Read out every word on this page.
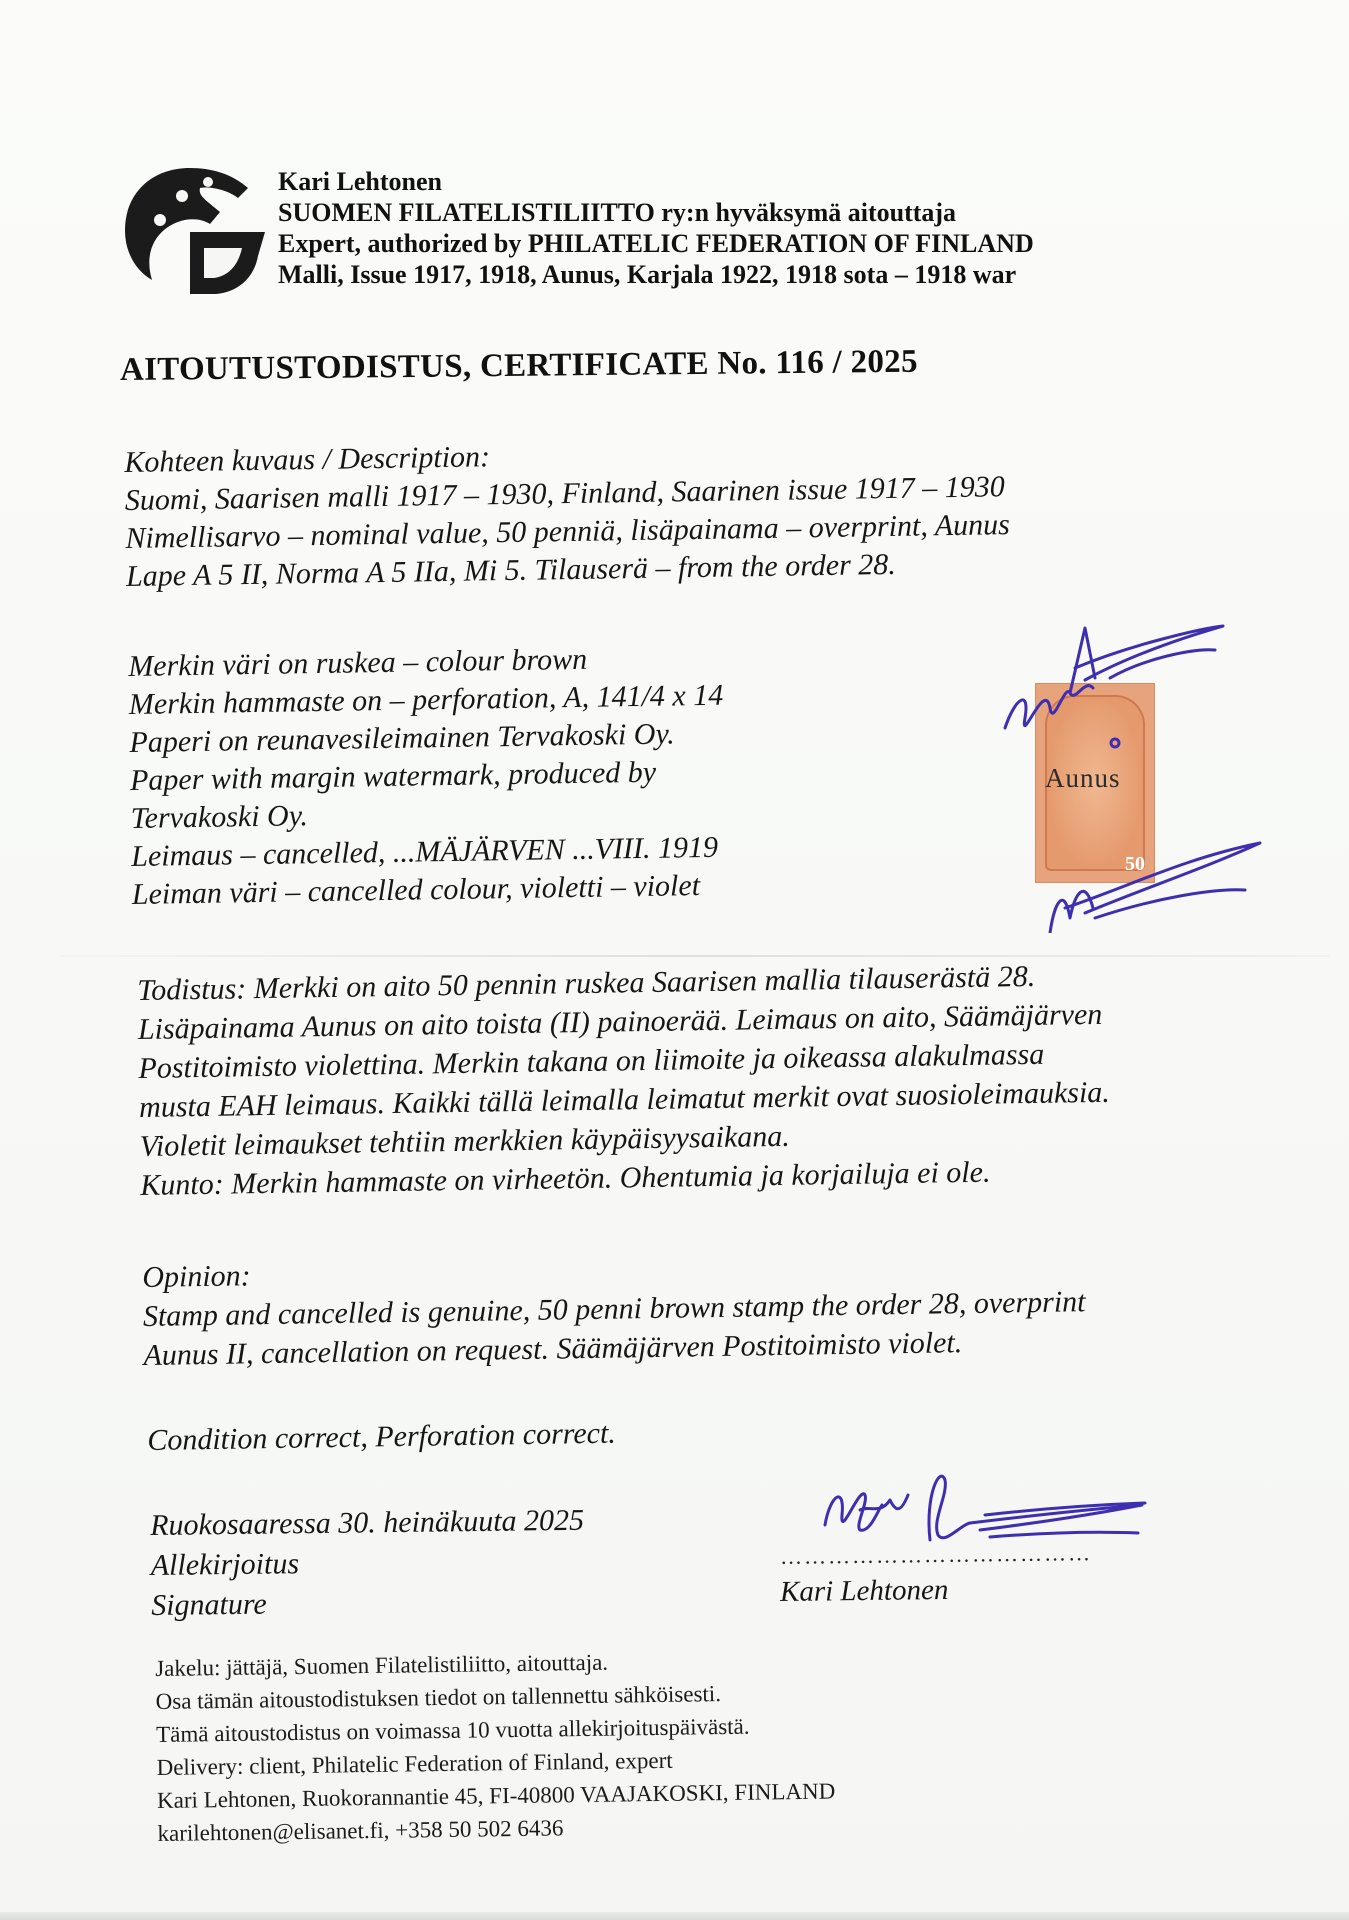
Kari Lehtonen
SUOMEN FILATELISTILIITTO ry:n hyväksymä aitouttaja
Expert, authorized by PHILATELIC FEDERATION OF FINLAND
Malli, Issue 1917, 1918, Aunus, Karjala 1922, 1918 sota – 1918 war
AITOUTUSTODISTUS, CERTIFICATE No. 116 / 2025
Kohteen kuvaus / Description:
Suomi, Saarisen malli 1917 – 1930, Finland, Saarinen issue 1917 – 1930
Nimellisarvo – nominal value, 50 penniä, lisäpainama – overprint, Aunus
Lape A 5 II, Norma A 5 IIa, Mi 5. Tilauserä – from the order 28.
Merkin väri on ruskea – colour brown
Merkin hammaste on – perforation, A, 141/4 x 14
Paperi on reunavesileimainen Tervakoski Oy.
Paper with margin watermark, produced by
Tervakoski Oy.
Leimaus – cancelled, ...MÄJÄRVEN ...VIII. 1919
Leiman väri – cancelled colour, violetti – violet
Aunus
50
Todistus: Merkki on aito 50 pennin ruskea Saarisen mallia tilauserästä 28.
Lisäpainama Aunus on aito toista (II) painoerää. Leimaus on aito, Säämäjärven
Postitoimisto violettina. Merkin takana on liimoite ja oikeassa alakulmassa
musta EAH leimaus. Kaikki tällä leimalla leimatut merkit ovat suosioleimauksia.
Violetit leimaukset tehtiin merkkien käypäisyysaikana.
Kunto: Merkin hammaste on virheetön. Ohentumia ja korjailuja ei ole.
Opinion:
Stamp and cancelled is genuine, 50 penni brown stamp the order 28, overprint
Aunus II, cancellation on request. Säämäjärven Postitoimisto violet.
Condition correct, Perforation correct.
Ruokosaaressa 30. heinäkuuta 2025
Allekirjoitus
Signature
…………………………………
Kari Lehtonen
Jakelu: jättäjä, Suomen Filatelistiliitto, aitouttaja.
Osa tämän aitoustodistuksen tiedot on tallennettu sähköisesti.
Tämä aitoustodistus on voimassa 10 vuotta allekirjoituspäivästä.
Delivery: client, Philatelic Federation of Finland, expert
Kari Lehtonen, Ruokorannantie 45, FI-40800 VAAJAKOSKI, FINLAND
karilehtonen@elisanet.fi, +358 50 502 6436
